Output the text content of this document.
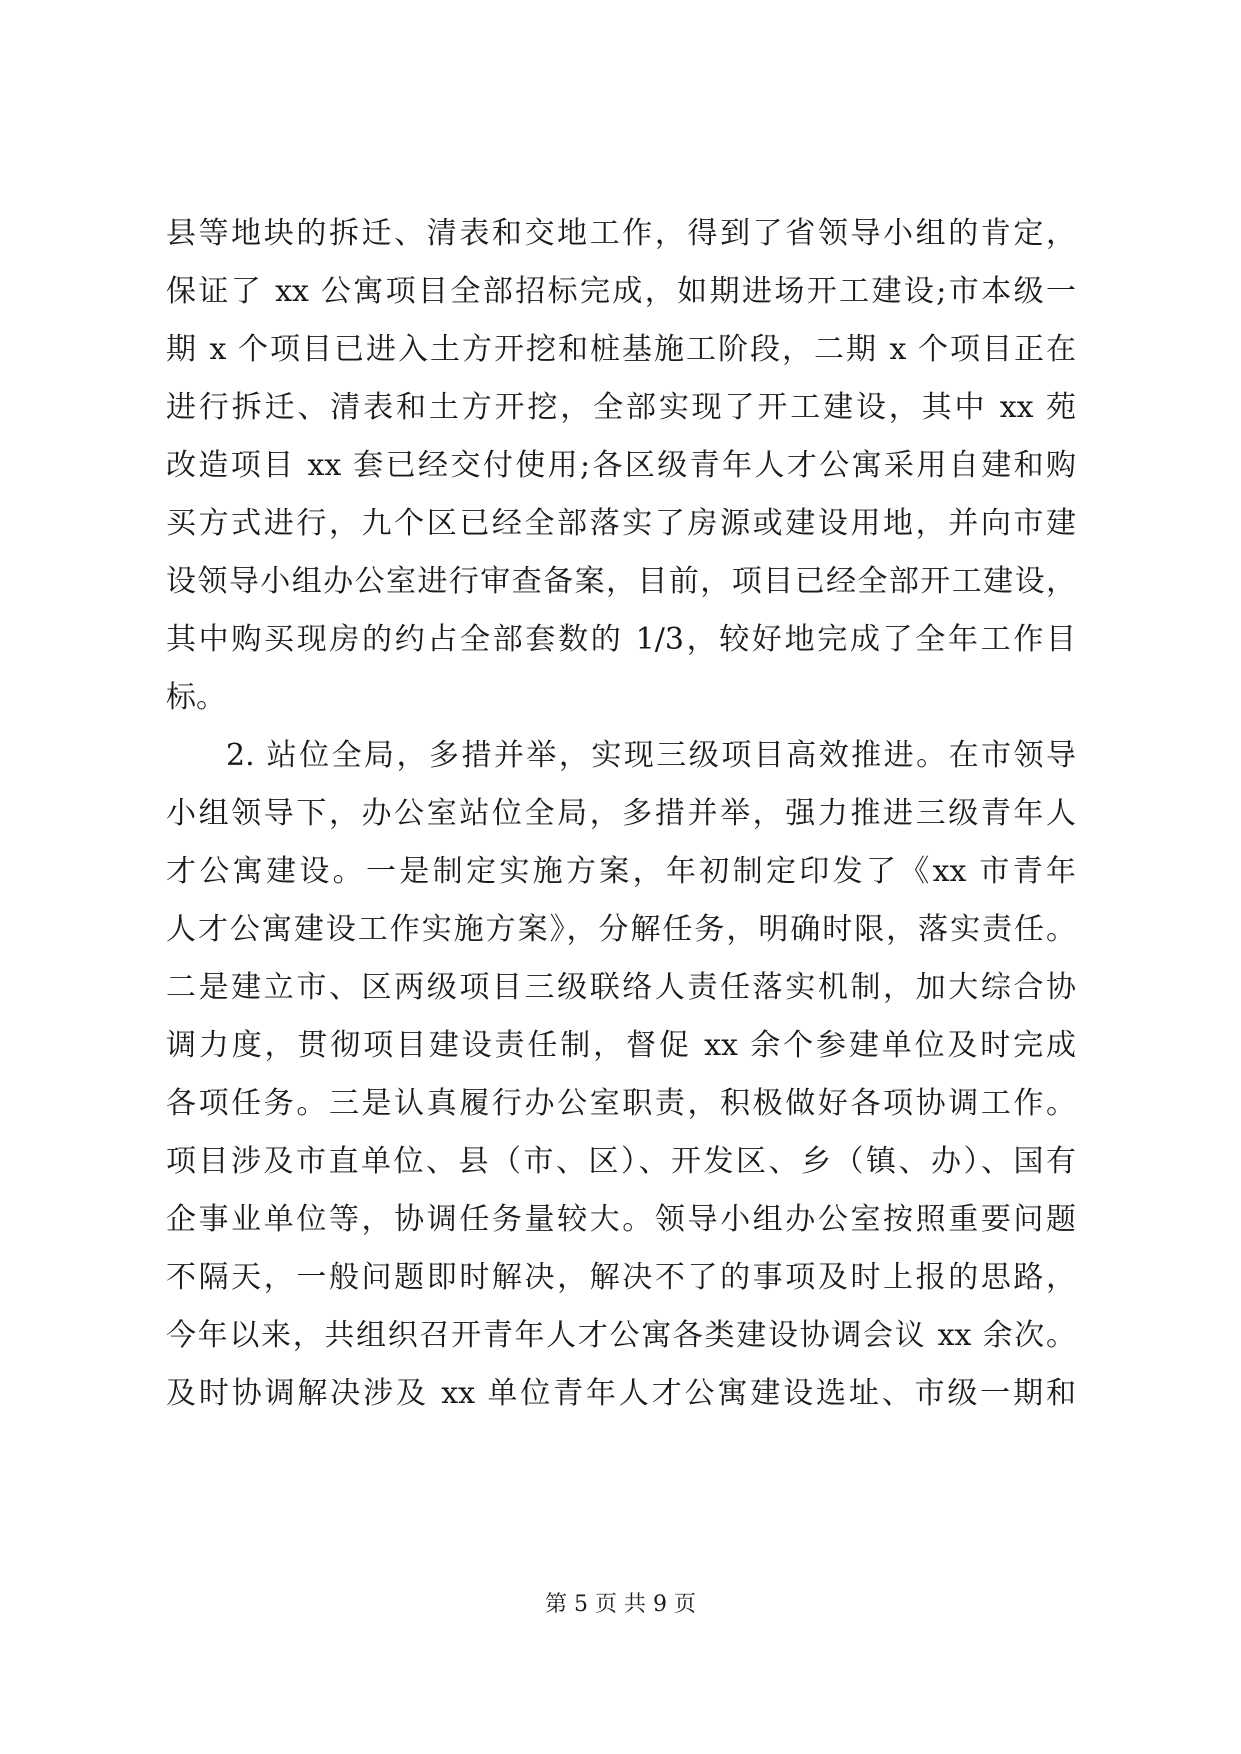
县等地块的拆迁、清表和交地工作，得到了省领导小组的肯定，
保证了 xx 公寓项目全部招标完成，如期进场开工建设;市本级一
期 x 个项目已进入土方开挖和桩基施工阶段，二期 x 个项目正在
进行拆迁、清表和土方开挖，全部实现了开工建设，其中 xx 苑
改造项目 xx 套已经交付使用;各区级青年人才公寓采用自建和购
买方式进行，九个区已经全部落实了房源或建设用地，并向市建
设领导小组办公室进行审查备案，目前，项目已经全部开工建设，
其中购买现房的约占全部套数的 1/3，较好地完成了全年工作目
标。
2. 站位全局，多措并举，实现三级项目高效推进。在市领导
小组领导下，办公室站位全局，多措并举，强力推进三级青年人
才公寓建设。一是制定实施方案，年初制定印发了《xx 市青年
人才公寓建设工作实施方案》，分解任务，明确时限，落实责任。
二是建立市、区两级项目三级联络人责任落实机制，加大综合协
调力度，贯彻项目建设责任制，督促 xx 余个参建单位及时完成
各项任务。三是认真履行办公室职责，积极做好各项协调工作。
项目涉及市直单位、县（市、区）、开发区、乡（镇、办）、国有
企事业单位等，协调任务量较大。领导小组办公室按照重要问题
不隔天，一般问题即时解决，解决不了的事项及时上报的思路，
今年以来，共组织召开青年人才公寓各类建设协调会议 xx 余次。
及时协调解决涉及 xx 单位青年人才公寓建设选址、市级一期和
第 5 页 共 9 页
